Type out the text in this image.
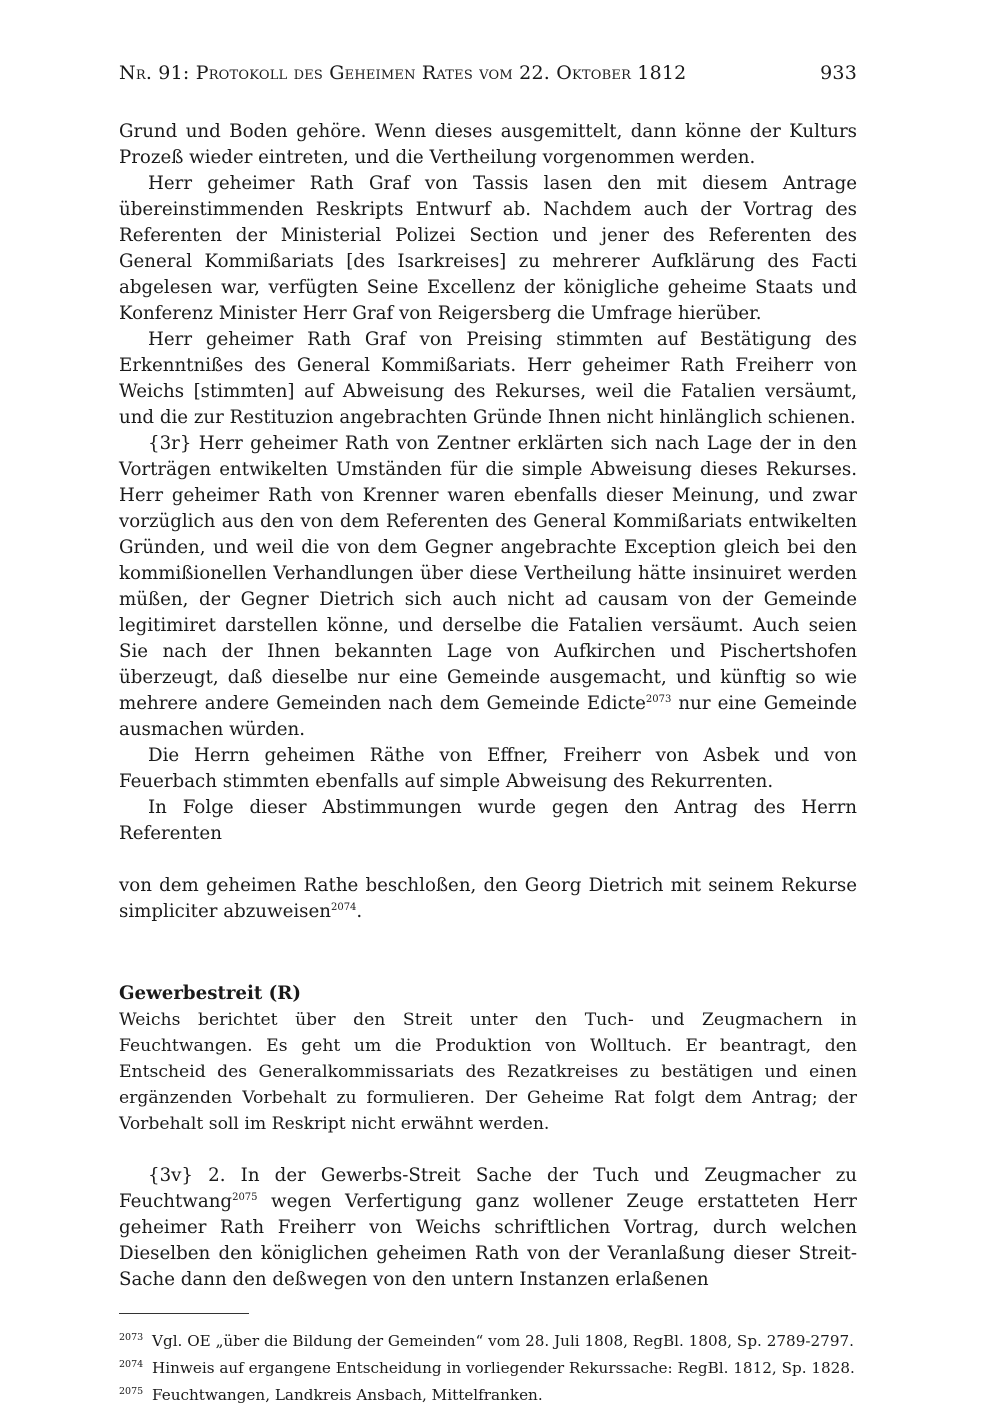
Nr. 91: Protokoll des Geheimen Rates vom 22. Oktober 1812	933

Grund und Boden gehöre. Wenn dieses ausgemittelt, dann könne der Kulturs Prozeß wieder eintreten, und die Vertheilung vorgenommen werden.

Herr geheimer Rath Graf von Tassis lasen den mit diesem Antrage übereinstimmenden Reskripts Entwurf ab. Nachdem auch der Vortrag des Referenten der Ministerial Polizei Section und jener des Referenten des General Kommißariats [des Isarkreises] zu mehrerer Aufklärung des Facti abgelesen war, verfügten Seine Excellenz der königliche geheime Staats und Konferenz Minister Herr Graf von Reigersberg die Umfrage hierüber.

Herr geheimer Rath Graf von Preising stimmten auf Bestätigung des Erkenntnißes des General Kommißariats. Herr geheimer Rath Freiherr von Weichs [stimmten] auf Abweisung des Rekurses, weil die Fatalien versäumt, und die zur Restituzion angebrachten Gründe Ihnen nicht hinlänglich schienen.

{3r} Herr geheimer Rath von Zentner erklärten sich nach Lage der in den Vorträgen entwikelten Umständen für die simple Abweisung dieses Rekurses. Herr geheimer Rath von Krenner waren ebenfalls dieser Meinung, und zwar vorzüglich aus den von dem Referenten des General Kommißariats entwikelten Gründen, und weil die von dem Gegner angebrachte Exception gleich bei den kommißionellen Verhandlungen über diese Vertheilung hätte insinuiret werden müßen, der Gegner Dietrich sich auch nicht ad causam von der Gemeinde legitimiret darstellen könne, und derselbe die Fatalien versäumt. Auch seien Sie nach der Ihnen bekannten Lage von Aufkirchen und Pischertshofen überzeugt, daß dieselbe nur eine Gemeinde ausgemacht, und künftig so wie mehrere andere Gemeinden nach dem Gemeinde Edicte$^{2073}$ nur eine Gemeinde ausmachen würden.

Die Herrn geheimen Räthe von Effner, Freiherr von Asbek und von Feuerbach stimmten ebenfalls auf simple Abweisung des Rekurrenten.

In Folge dieser Abstimmungen wurde gegen den Antrag des Herrn Referenten

von dem geheimen Rathe beschloßen, den Georg Dietrich mit seinem Rekurse simpliciter abzuweisen$^{2074}$.

Gewerbestreit (R)

Weichs berichtet über den Streit unter den Tuch- und Zeugmachern in Feuchtwangen. Es geht um die Produktion von Wolltuch. Er beantragt, den Entscheid des Generalkommissariats des Rezatkreises zu bestätigen und einen ergänzenden Vorbehalt zu formulieren. Der Geheime Rat folgt dem Antrag; der Vorbehalt soll im Reskript nicht erwähnt werden.

{3v} 2. In der Gewerbs-Streit Sache der Tuch und Zeugmacher zu Feuchtwang$^{2075}$ wegen Verfertigung ganz wollener Zeuge erstatteten Herr geheimer Rath Freiherr von Weichs schriftlichen Vortrag, durch welchen Dieselben den königlichen geheimen Rath von der Veranlaßung dieser Streit-Sache dann den deßwegen von den untern Instanzen erlaßenen

2073 Vgl. OE „über die Bildung der Gemeinden“ vom 28. Juli 1808, RegBl. 1808, Sp. 2789-2797.
2074 Hinweis auf ergangene Entscheidung in vorliegender Rekurssache: RegBl. 1812, Sp. 1828.
2075 Feuchtwangen, Landkreis Ansbach, Mittelfranken.
